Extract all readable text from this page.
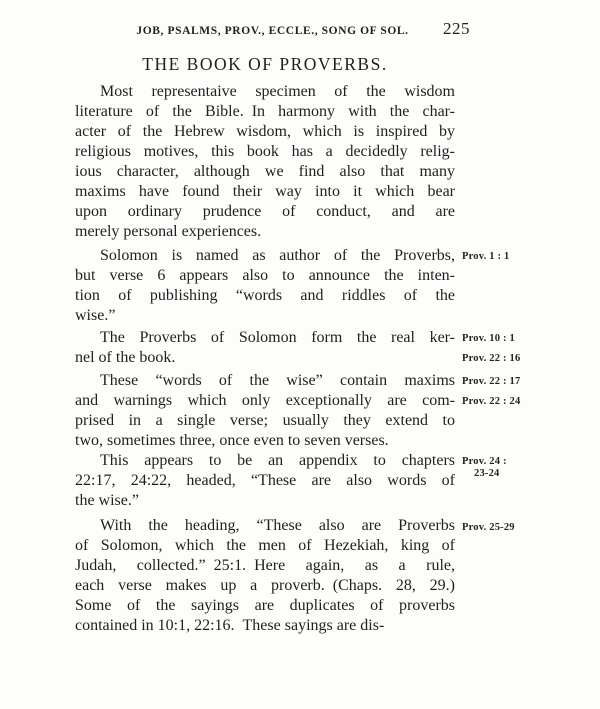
JOB, PSALMS, PROV., ECCLE., SONG OF SOL.	225
THE BOOK OF PROVERBS.
Most representaive specimen of the wisdom
literature of the Bible. In harmony with the char-
acter of the Hebrew wisdom, which is inspired by
religious motives, this book has a decidedly relig-
ious character, although we find also that many
maxims have found their way into it which bear
upon ordinary prudence of conduct, and are
merely personal experiences.
Solomon is named as author of the Proverbs,
but verse 6 appears also to announce the inten-
tion of publishing “words and riddles of the
wise.”
Prov. 1 : 1
The Proverbs of Solomon form the real ker-
nel of the book.
Prov. 10 : 1
Prov. 22 : 16
These “words of the wise” contain maxims
and warnings which only exceptionally are com-
prised in a single verse; usually they extend to
two, sometimes three, once even to seven verses.
Prov. 22 : 17
Prov. 22 : 24
This appears to be an appendix to chapters
22:17, 24:22, headed, “These are also words of
the wise.”
Prov. 24 :
23-24
With the heading, “These also are Proverbs
of Solomon, which the men of Hezekiah, king of
Judah, collected.” 25:1. Here again, as a rule,
each verse makes up a proverb. (Chaps. 28, 29.)
Some of the sayings are duplicates of proverbs
contained in 10:1, 22:16. These sayings are dis-
Prov. 25-29
